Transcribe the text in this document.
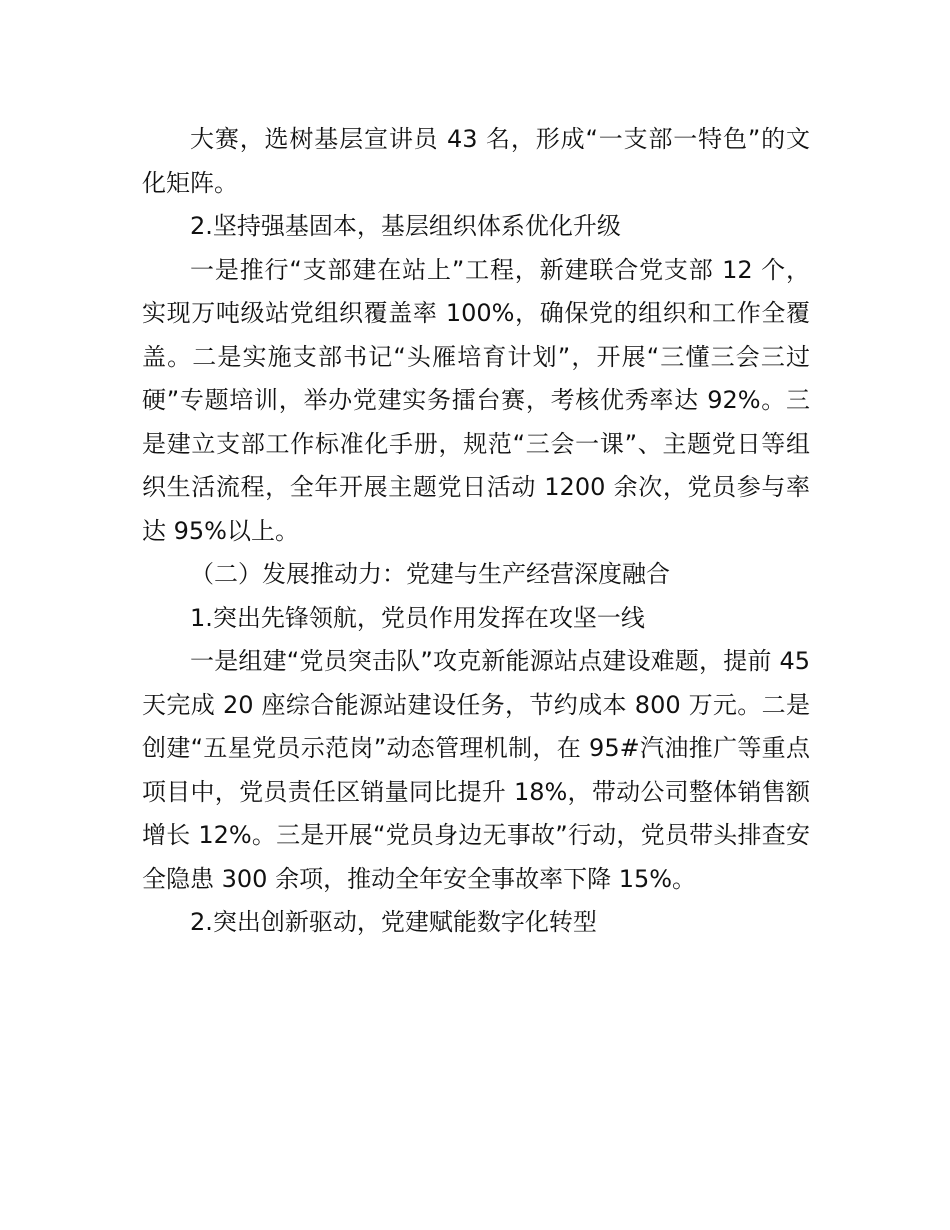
大赛，选树基层宣讲员 43 名，形成“一支部一特色”的文化矩阵。

2.坚持强基固本，基层组织体系优化升级

一是推行“支部建在站上”工程，新建联合党支部 12 个，实现万吨级站党组织覆盖率 100%，确保党的组织和工作全覆盖。二是实施支部书记“头雁培育计划”，开展“三懂三会三过硬”专题培训，举办党建实务擂台赛，考核优秀率达 92%。三是建立支部工作标准化手册，规范“三会一课”、主题党日等组织生活流程，全年开展主题党日活动 1200 余次，党员参与率达 95%以上。

（二）发展推动力：党建与生产经营深度融合

1.突出先锋领航，党员作用发挥在攻坚一线

一是组建“党员突击队”攻克新能源站点建设难题，提前 45 天完成 20 座综合能源站建设任务，节约成本 800 万元。二是创建“五星党员示范岗”动态管理机制，在 95#汽油推广等重点项目中，党员责任区销量同比提升 18%，带动公司整体销售额增长 12%。三是开展“党员身边无事故”行动，党员带头排查安全隐患 300 余项，推动全年安全事故率下降 15%。

2.突出创新驱动，党建赋能数字化转型
